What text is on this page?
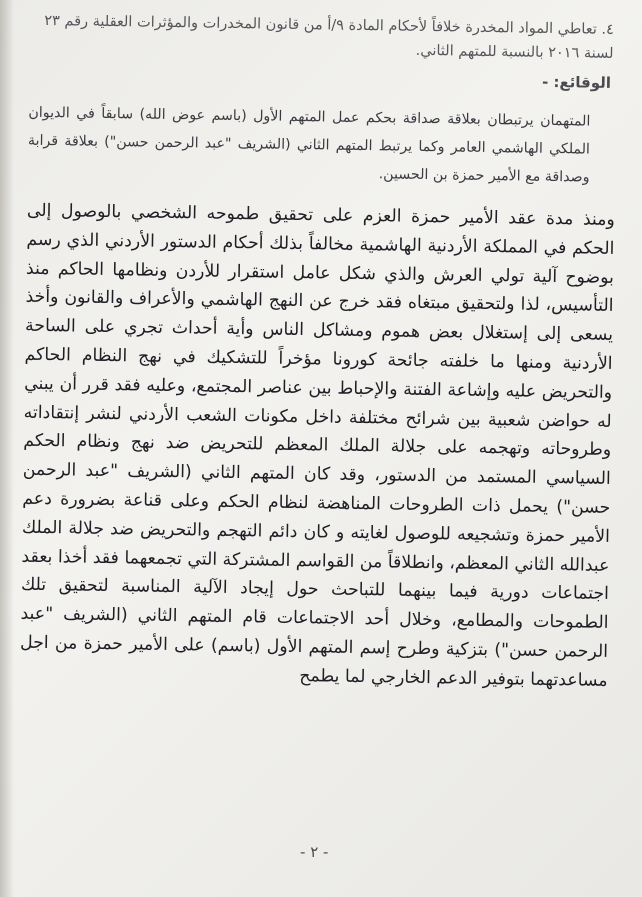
٤. تعاطي المواد المخدرة خلافاً لأحكام المادة ٩/أ من قانون المخدرات والمؤثرات العقلية رقم ٢٣ لسنة ٢٠١٦ بالنسبة للمتهم الثاني.

الوقائع: -

المتهمان يرتبطان بعلاقة صداقة بحكم عمل المتهم الأول (باسم عوض الله) سابقاً في الديوان الملكي الهاشمي العامر وكما يرتبط المتهم الثاني (الشريف "عبد الرحمن حسن") بعلاقة قرابة وصداقة مع الأمير حمزة بن الحسين.

ومنذ مدة عقد الأمير حمزة العزم على تحقيق طموحه الشخصي بالوصول إلى الحكم في المملكة الأردنية الهاشمية مخالفاً بذلك أحكام الدستور الأردني الذي رسم بوضوح آلية تولي العرش والذي شكل عامل استقرار للأردن ونظامها الحاكم منذ التأسيس، لذا ولتحقيق مبتغاه فقد خرج عن النهج الهاشمي والأعراف والقانون وأخذ يسعى إلى إستغلال بعض هموم ومشاكل الناس وأية أحداث تجري على الساحة الأردنية ومنها ما خلفته جائحة كورونا مؤخراً للتشكيك في نهج النظام الحاكم والتحريض عليه وإشاعة الفتنة والإحباط بين عناصر المجتمع، وعليه فقد قرر أن يبني له حواضن شعبية بين شرائح مختلفة داخل مكونات الشعب الأردني لنشر إنتقاداته وطروحاته وتهجمه على جلالة الملك المعظم للتحريض ضد نهج ونظام الحكم السياسي المستمد من الدستور، وقد كان المتهم الثاني (الشريف "عبد الرحمن حسن") يحمل ذات الطروحات المناهضة لنظام الحكم وعلى قناعة بضرورة دعم الأمير حمزة وتشجيعه للوصول لغايته و كان دائم التهجم والتحريض ضد جلالة الملك عبدالله الثاني المعظم، وانطلاقاً من القواسم المشتركة التي تجمعهما فقد أخذا بعقد اجتماعات دورية فيما بينهما للتباحث حول إيجاد الآلية المناسبة لتحقيق تلك الطموحات والمطامع، وخلال أحد الاجتماعات قام المتهم الثاني (الشريف "عبد الرحمن حسن") بتزكية وطرح إسم المتهم الأول (باسم) على الأمير حمزة من اجل مساعدتهما بتوفير الدعم الخارجي لما يطمح

- ٢ -
